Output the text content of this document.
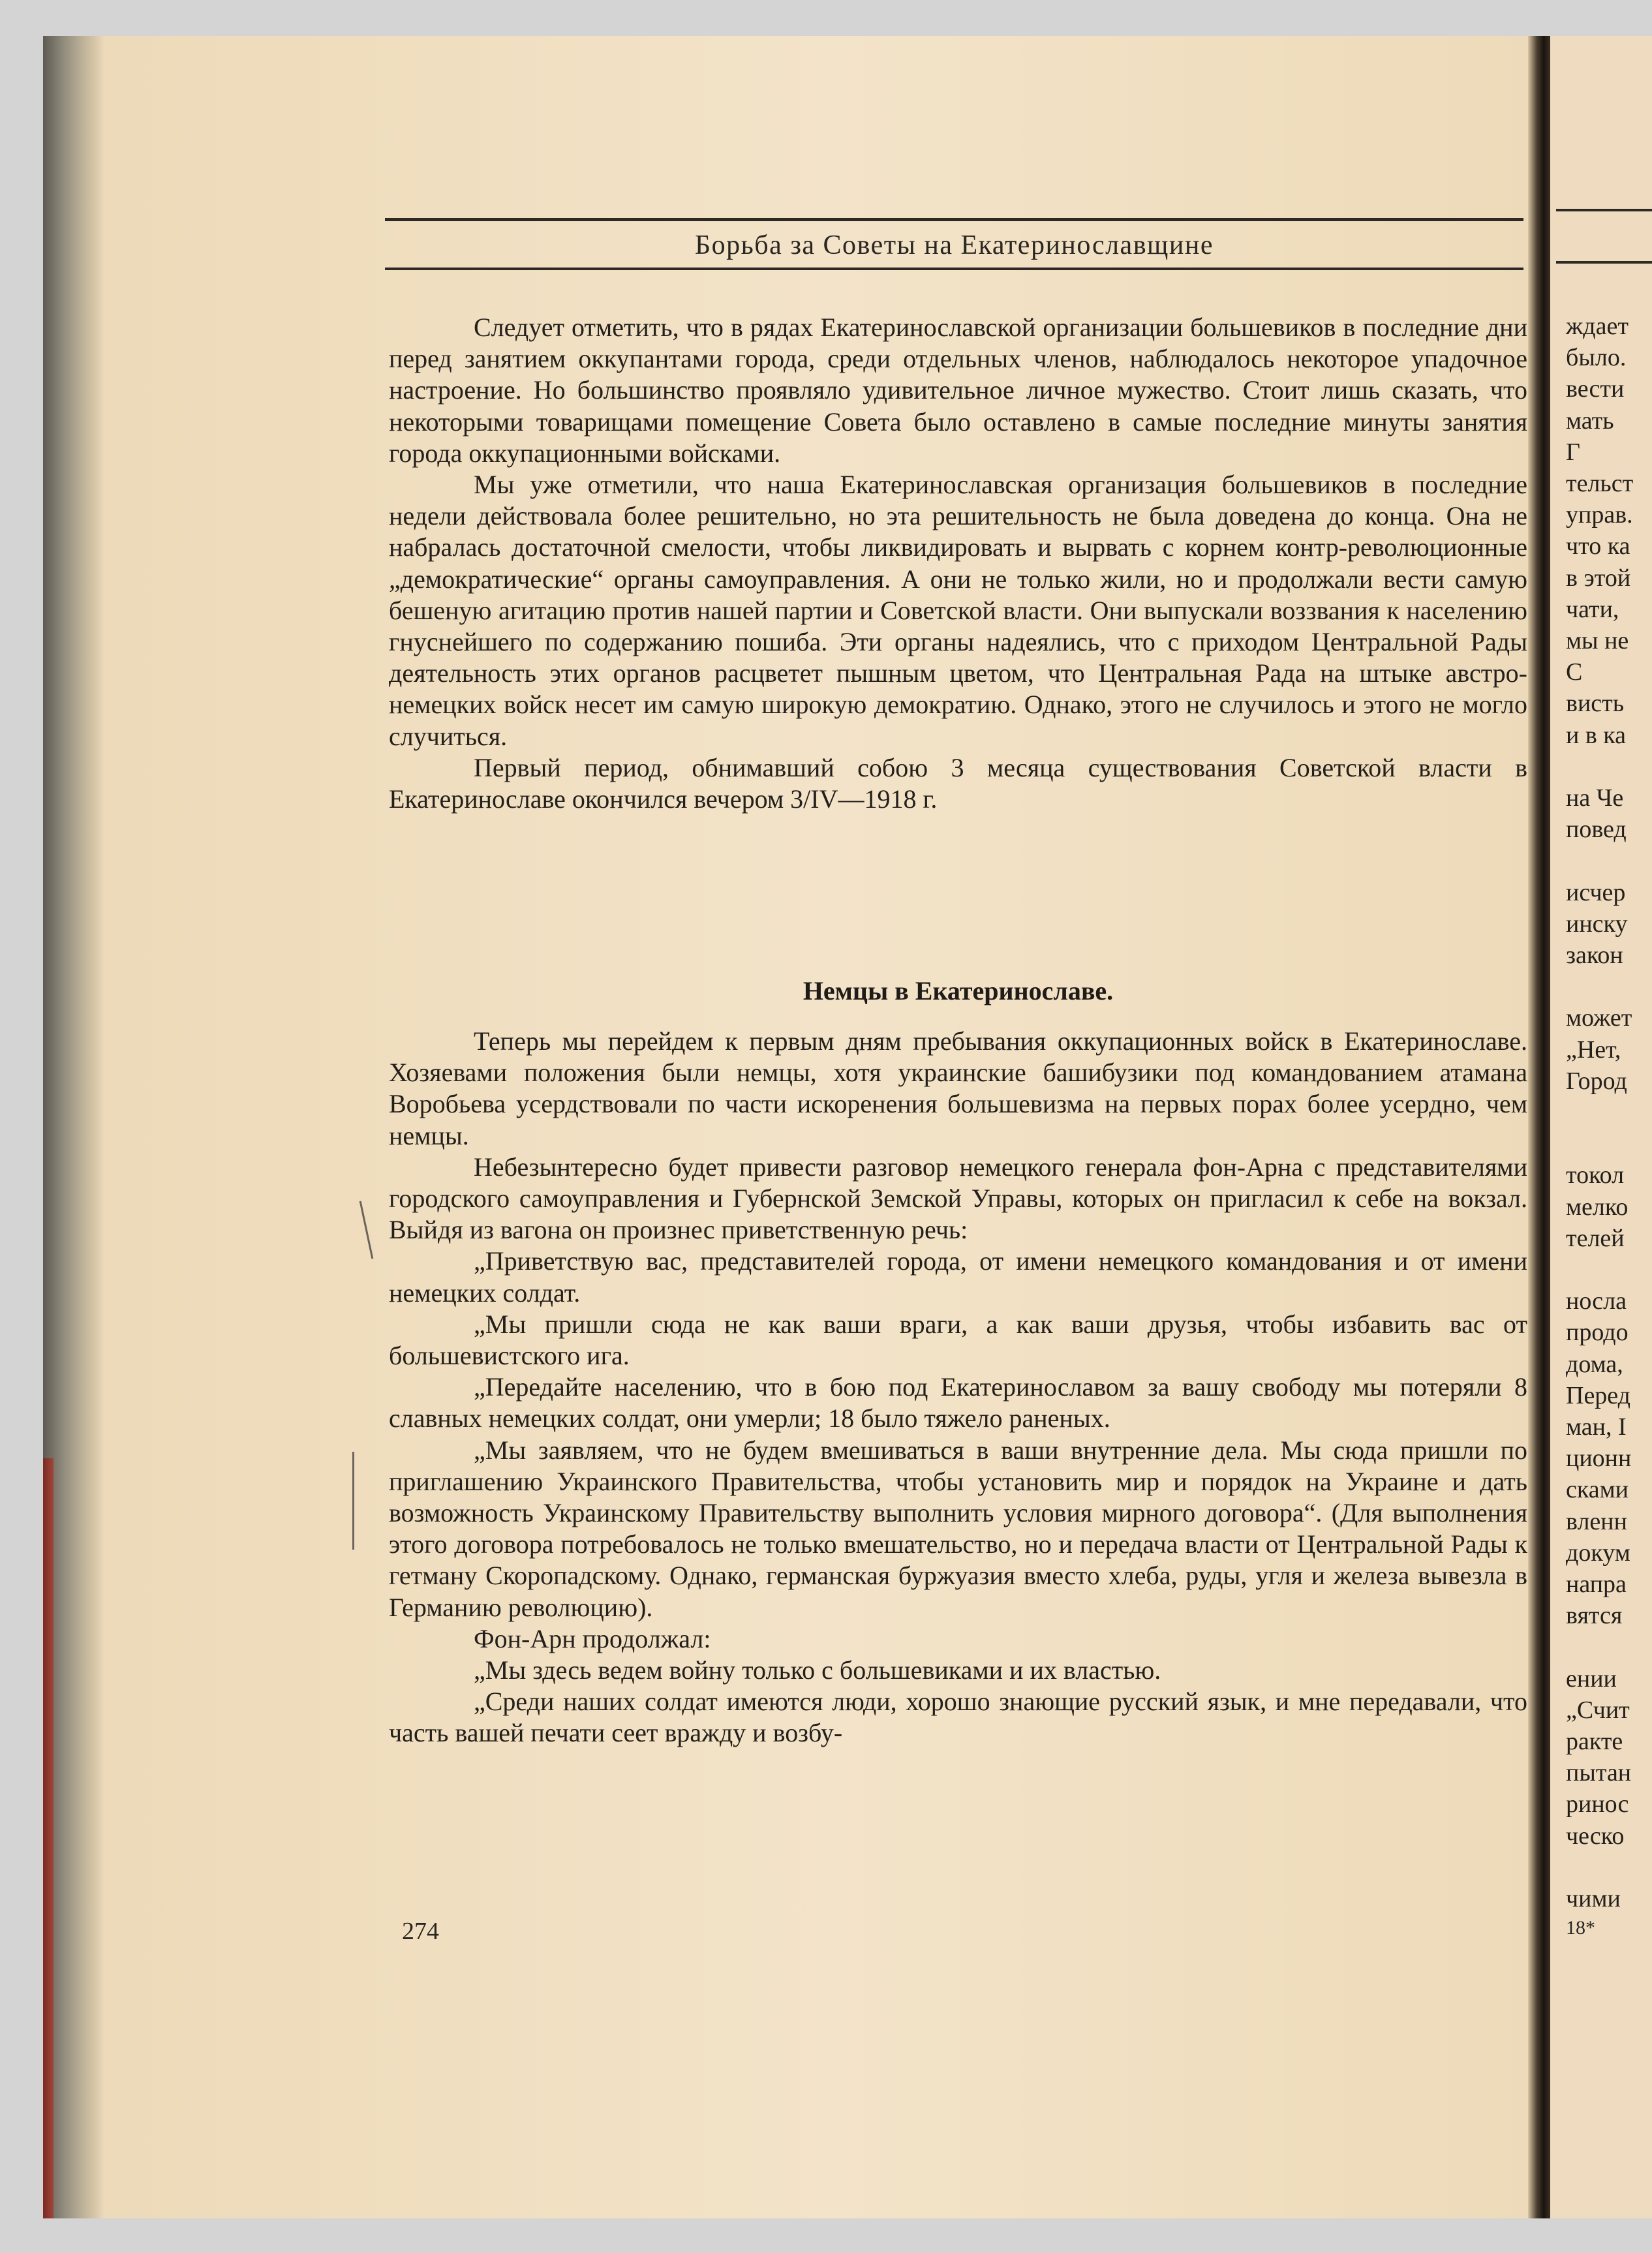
Борьба за Советы на Екатеринославщине

Следует отметить, что в рядах Екатеринославской организации большевиков в последние дни перед занятием оккупантами города, среди отдельных членов, наблюдалось некоторое упадочное настроение. Но большинство проявляло удивительное личное мужество. Стоит лишь сказать, что некоторыми товарищами помещение Совета было оставлено в самые последние минуты занятия города оккупационными войсками.

Мы уже отметили, что наша Екатеринославская организация большевиков в последние недели действовала более решительно, но эта решительность не была доведена до конца. Она не набралась достаточной смелости, чтобы ликвидировать и вырвать с корнем контр-революционные „демократические“ органы самоуправления. А они не только жили, но и продолжали вести самую бешеную агитацию против нашей партии и Советской власти. Они выпускали воззвания к населению гнуснейшего по содержанию пошиба. Эти органы надеялись, что с приходом Центральной Рады деятельность этих органов расцветет пышным цветом, что Центральная Рада на штыке австро-немецких войск несет им самую широкую демократию. Однако, этого не случилось и этого не могло случиться.

Первый период, обнимавший собою 3 месяца существования Советской власти в Екатеринославе окончился вечером 3/IV—1918 г.

Немцы в Екатеринославе.

Теперь мы перейдем к первым дням пребывания оккупационных войск в Екатеринославе. Хозяевами положения были немцы, хотя украинские башибузики под командованием атамана Воробьева усердствовали по части искоренения большевизма на первых порах более усердно, чем немцы.

Небезынтересно будет привести разговор немецкого генерала фон-Арна с представителями городского самоуправления и Губернской Земской Управы, которых он пригласил к себе на вокзал. Выйдя из вагона он произнес приветственную речь:

„Приветствую вас, представителей города, от имени немецкого командования и от имени немецких солдат.

„Мы пришли сюда не как ваши враги, а как ваши друзья, чтобы избавить вас от большевистского ига.

„Передайте населению, что в бою под Екатеринославом за вашу свободу мы потеряли 8 славных немецких солдат, они умерли; 18 было тяжело раненых.

„Мы заявляем, что не будем вмешиваться в ваши внутренние дела. Мы сюда пришли по приглашению Украинского Правительства, чтобы установить мир и порядок на Украине и дать возможность Украинскому Правительству выполнить условия мирного договора“. (Для выполнения этого договора потребовалось не только вмешательство, но и передача власти от Центральной Рады к гетману Скоропадскому. Однако, германская буржуазия вместо хлеба, руды, угля и железа вывезла в Германию революцию).

Фон-Арн продолжал:

„Мы здесь ведем войну только с большевиками и их властью.

„Среди наших солдат имеются люди, хорошо знающие русский язык, и мне передавали, что часть вашей печати сеет вражду и возбу-

274
ждает
было.
вести
мать
Г
тельст
управ.
что ка
в этой
чати,
мы не
С
висть
и в ка
на Че
повед
исчер
инску
закон
может
„Нет,
Город
токол
мелко
телей
носла
продо
дома,
Перед
ман, I
ционн
сками
вленн
докум
напра
вятся
ении
„Счит
ракте
пытан
ринос
ческо
чими
18*
